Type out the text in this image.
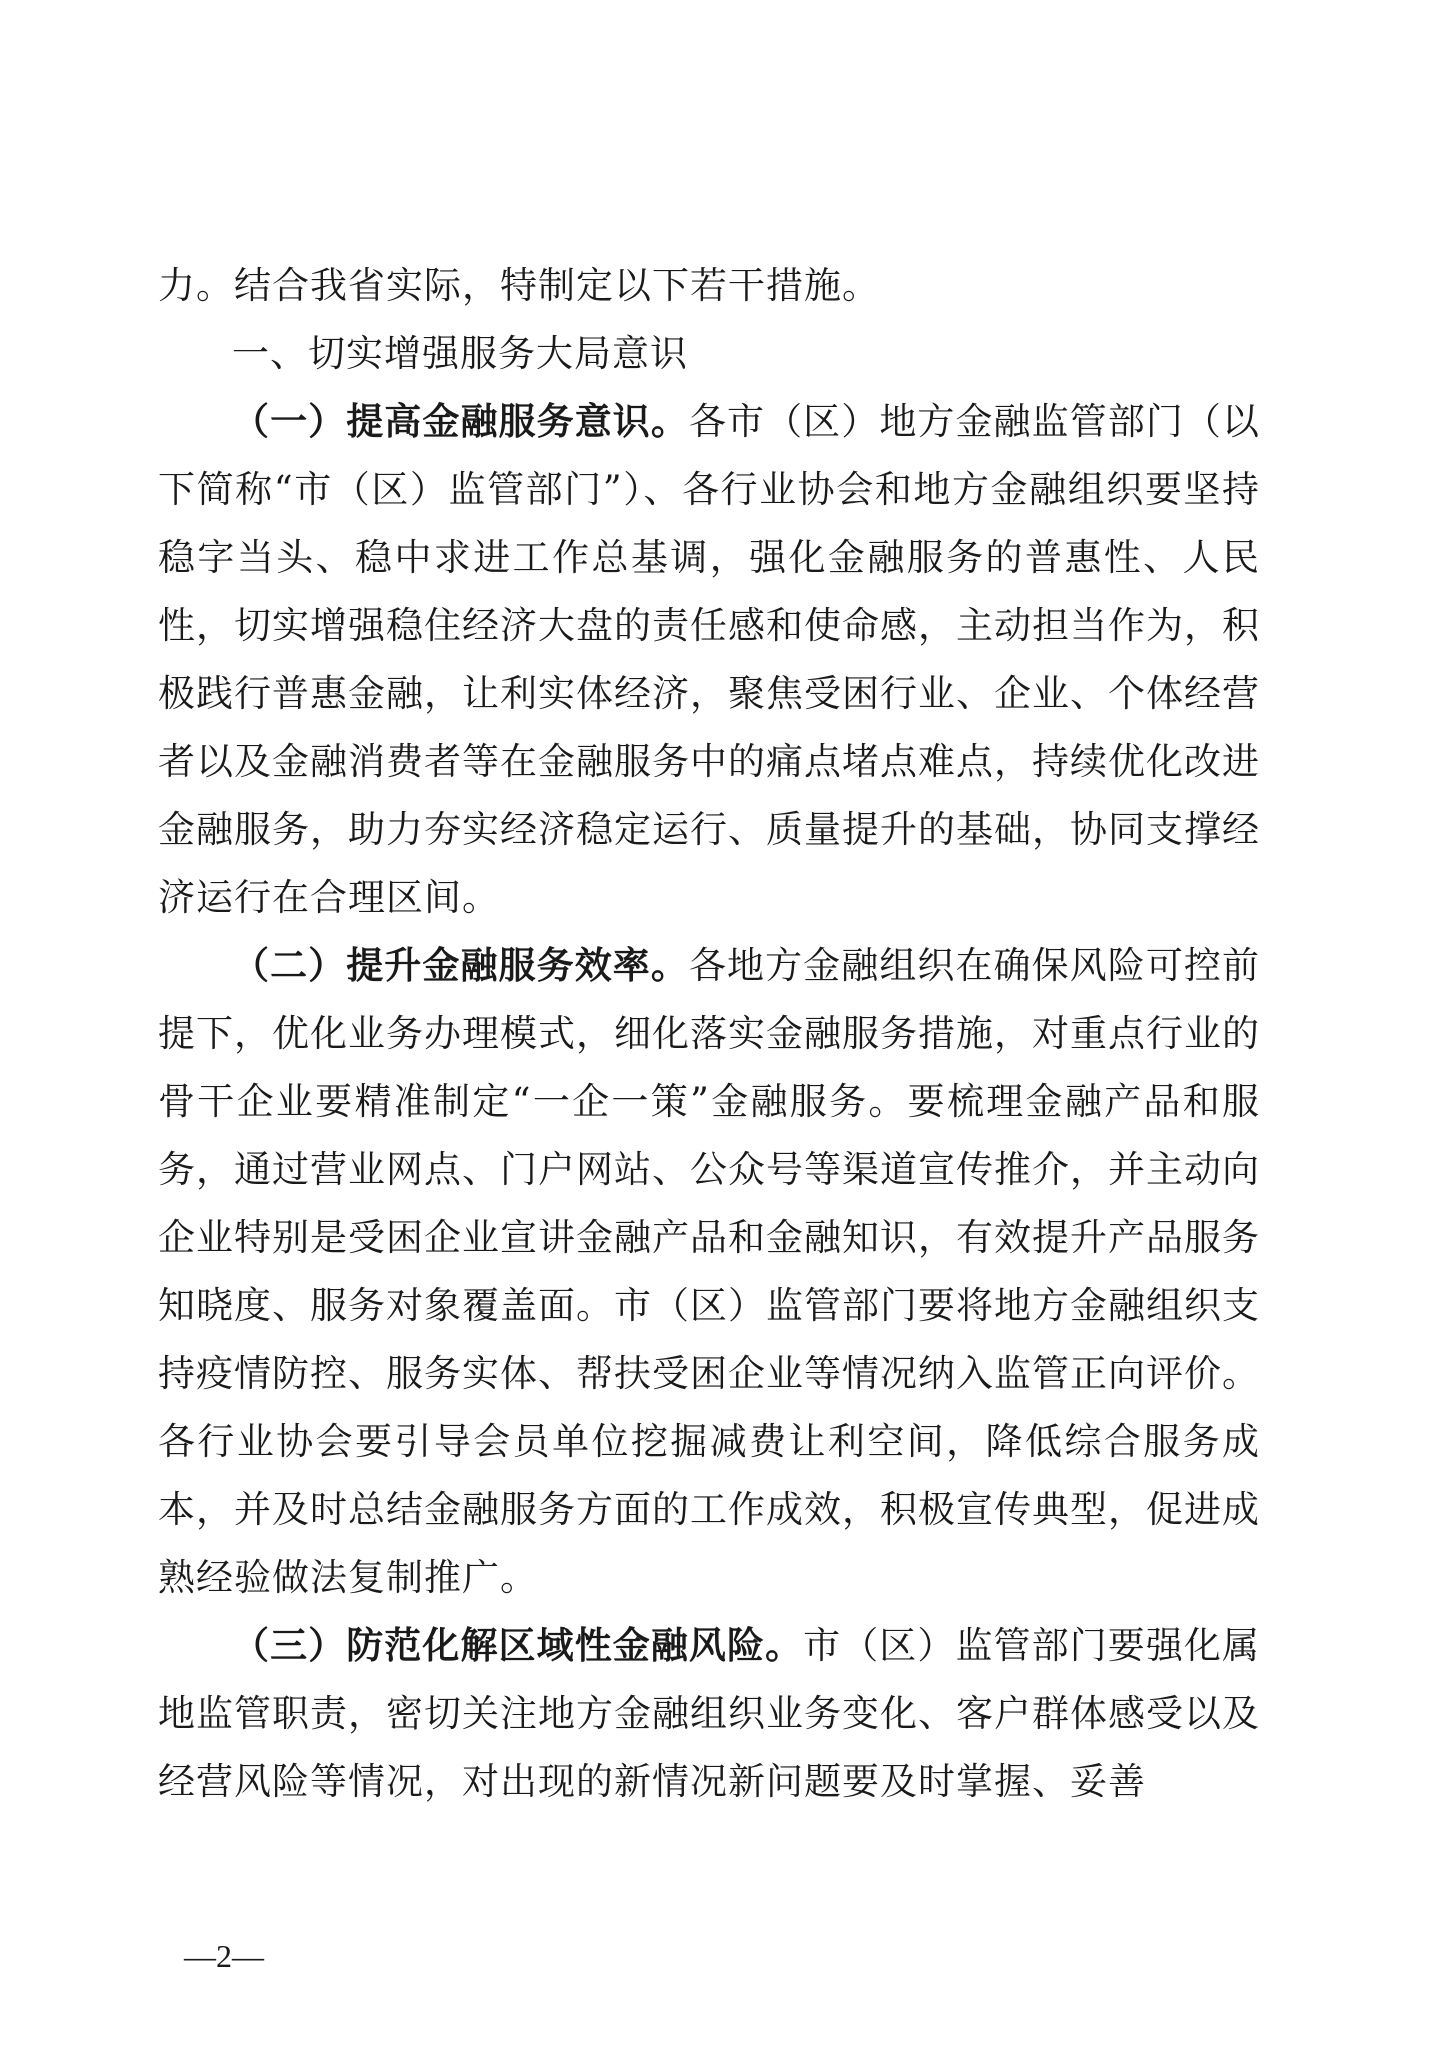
力。结合我省实际，特制定以下若干措施。

一、切实增强服务大局意识

（一）提高金融服务意识。各市（区）地方金融监管部门（以下简称“市（区）监管部门”）、各行业协会和地方金融组织要坚持稳字当头、稳中求进工作总基调，强化金融服务的普惠性、人民性，切实增强稳住经济大盘的责任感和使命感，主动担当作为，积极践行普惠金融，让利实体经济，聚焦受困行业、企业、个体经营者以及金融消费者等在金融服务中的痛点堵点难点，持续优化改进金融服务，助力夯实经济稳定运行、质量提升的基础，协同支撑经济运行在合理区间。

（二）提升金融服务效率。各地方金融组织在确保风险可控前提下，优化业务办理模式，细化落实金融服务措施，对重点行业的骨干企业要精准制定“一企一策”金融服务。要梳理金融产品和服务，通过营业网点、门户网站、公众号等渠道宣传推介，并主动向企业特别是受困企业宣讲金融产品和金融知识，有效提升产品服务知晓度、服务对象覆盖面。市（区）监管部门要将地方金融组织支持疫情防控、服务实体、帮扶受困企业等情况纳入监管正向评价。各行业协会要引导会员单位挖掘减费让利空间，降低综合服务成本，并及时总结金融服务方面的工作成效，积极宣传典型，促进成熟经验做法复制推广。

（三）防范化解区域性金融风险。市（区）监管部门要强化属地监管职责，密切关注地方金融组织业务变化、客户群体感受以及经营风险等情况，对出现的新情况新问题要及时掌握、妥善

—2—
